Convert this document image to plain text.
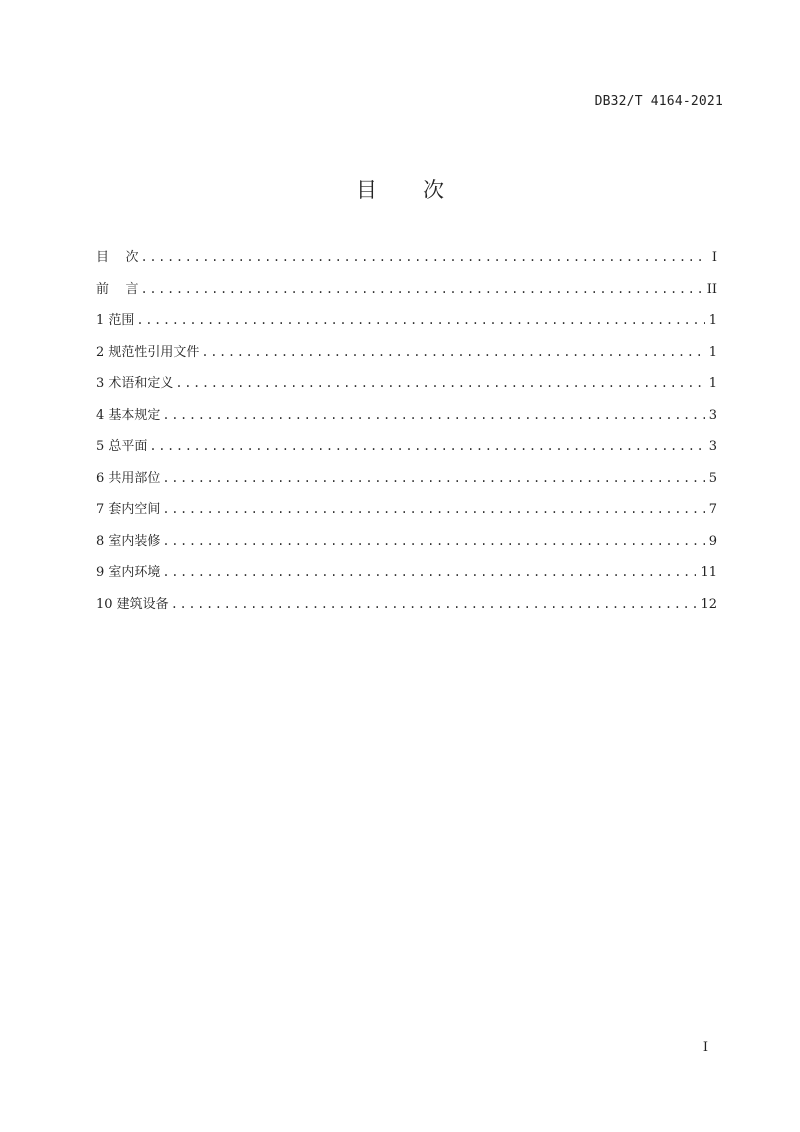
DB32/T 4164-2021
目 次
目    次 .....	I
前    言 .....	II
1 范围 .....	1
2 规范性引用文件 .....	1
3 术语和定义 .....	1
4 基本规定 .....	3
5 总平面 .....	3
6 共用部位 .....	5
7 套内空间 .....	7
8 室内装修 .....	9
9 室内环境 .....	11
10 建筑设备 .....	12
I
